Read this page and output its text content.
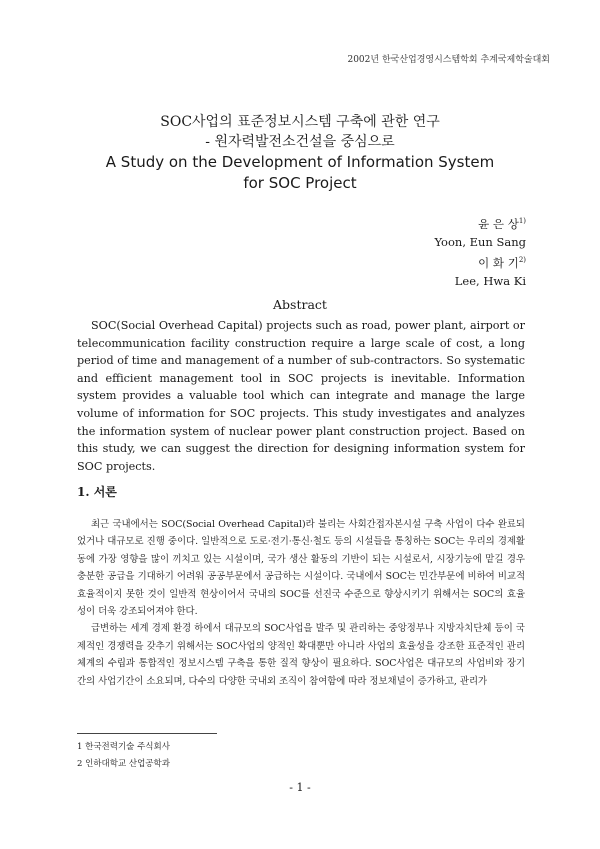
2002년 한국산업경영시스템학회 추계국제학술대회

SOC사업의 표준정보시스템 구축에 관한 연구

- 원자력발전소건설을 중심으로

A Study on the Development of Information System

for SOC Project

윤 은 상$^{1)}$
Yoon, Eun Sang
이 화 기$^{2)}$
Lee, Hwa Ki
Abstract
SOC(Social Overhead Capital) projects such as road, power plant, airport or telecommunication facility construction require a large scale of cost, a long period of time and management of a number of sub-contractors. So systematic and efficient management tool in SOC projects is inevitable. Information system provides a valuable tool which can integrate and manage the large volume of information for SOC projects. This study investigates and analyzes the information system of nuclear power plant construction project. Based on this study, we can suggest the direction for designing information system for SOC projects.
1. 서론

최근 국내에서는 SOC(Social Overhead Capital)라 불리는 사회간접자본시설 구축 사업이 다수 완료되었거나 대규모로 진행 중이다. 일반적으로 도로·전기·통신·철도 등의 시설들을 통칭하는 SOC는 우리의 경제활동에 가장 영향을 많이 끼치고 있는 시설이며, 국가 생산 활동의 기반이 되는 시설로서, 시장기능에 맡길 경우 충분한 공급을 기대하기 어려워 공공부문에서 공급하는 시설이다. 국내에서 SOC는 민간부문에 비하여 비교적 효율적이지 못한 것이 일반적 현상이어서 국내의 SOC를 선진국 수준으로 향상시키기 위해서는 SOC의 효율성이 더욱 강조되어져야 한다.

급변하는 세계 경제 환경 하에서 대규모의 SOC사업을 발주 및 관리하는 중앙정부나 지방자치단체 등이 국제적인 경쟁력을 갖추기 위해서는 SOC사업의 양적인 확대뿐만 아니라 사업의 효율성을 강조한 표준적인 관리체계의 수립과 통합적인 정보시스템 구축을 통한 질적 향상이 필요하다. SOC사업은 대규모의 사업비와 장기간의 사업기간이 소요되며, 다수의 다양한 국내외 조직이 참여함에 따라 정보채널이 증가하고, 관리가

1 한국전력기술 주식회사
2 인하대학교 산업공학과
- 1 -
